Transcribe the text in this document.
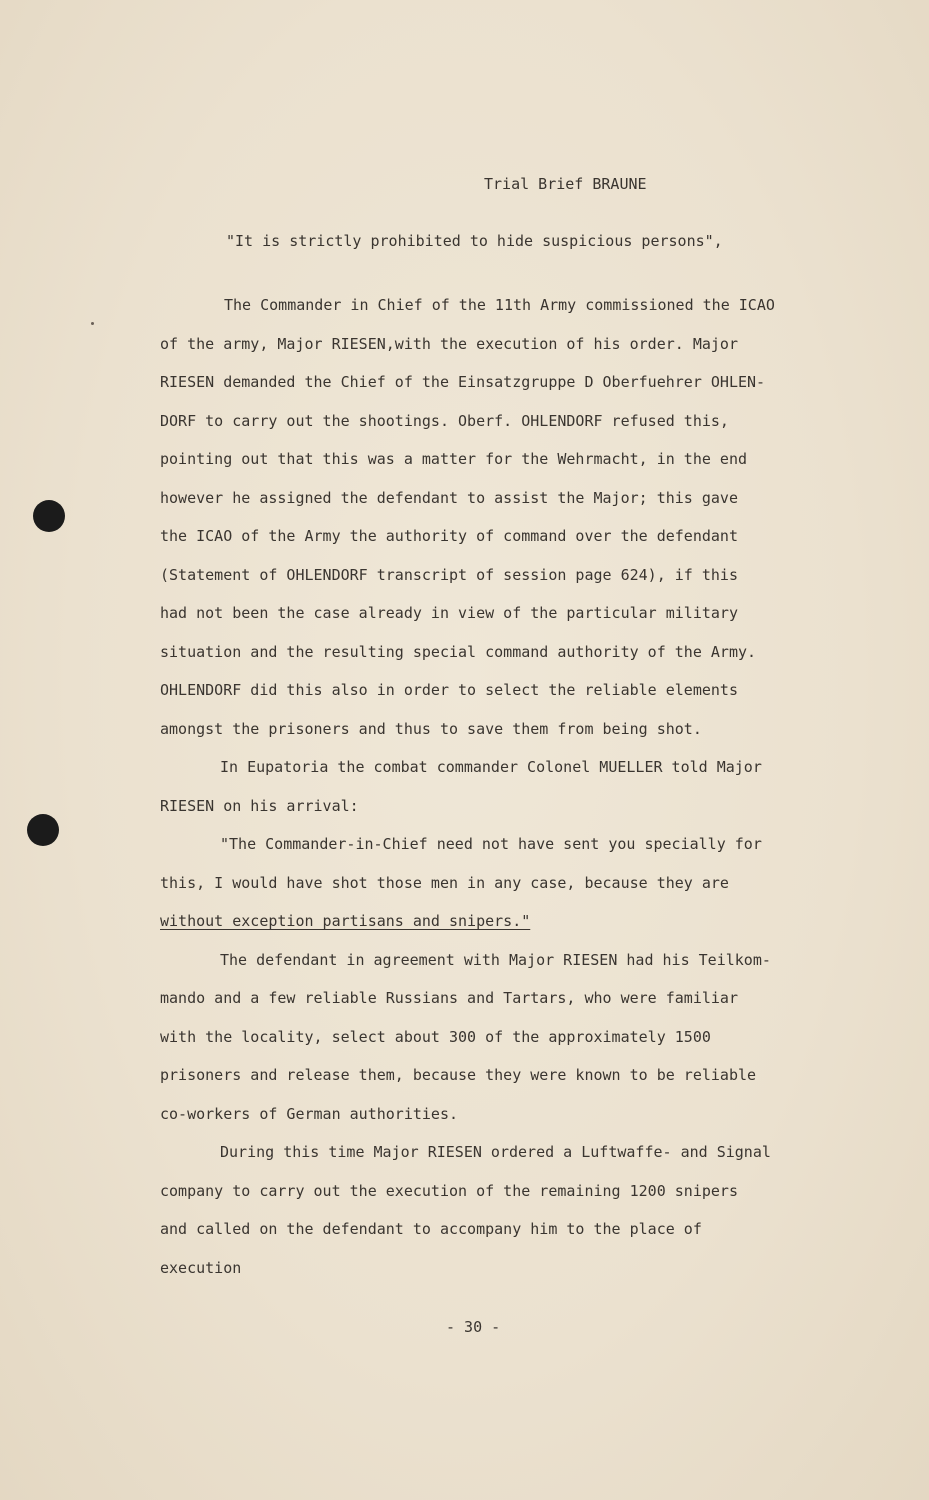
Trial Brief BRAUNE
"It is strictly prohibited to hide suspicious persons",
The Commander in Chief of the 11th Army commissioned the ICAO
of the army, Major RIESEN,with the execution of his order. Major
RIESEN demanded the Chief of the Einsatzgruppe D Oberfuehrer OHLEN-
DORF to carry out the shootings. Oberf. OHLENDORF refused this,
pointing out that this was a matter for the Wehrmacht, in the end
however he assigned the defendant to assist the Major; this gave
the ICAO of the Army the authority of command over the defendant
(Statement of OHLENDORF transcript of session page 624), if this
had not been the case already in view of the particular military
situation and the resulting special command authority of the Army.
OHLENDORF did this also in order to select the reliable elements
amongst the prisoners and thus to save them from being shot.
In Eupatoria the combat commander Colonel MUELLER told Major
RIESEN on his arrival:
"The Commander-in-Chief need not have sent you specially for
this, I would have shot those men in any case, because they are
without exception partisans and snipers."
The defendant in agreement with Major RIESEN had his Teilkom-
mando and a few reliable Russians and Tartars, who were familiar
with the locality, select about 300 of the approximately 1500
prisoners and release them, because they were known to be reliable
co-workers of German authorities.
During this time Major RIESEN ordered a Luftwaffe- and Signal
company to carry out the execution of the remaining 1200 snipers
and called on the defendant to accompany him to the place of
execution
- 30 -
